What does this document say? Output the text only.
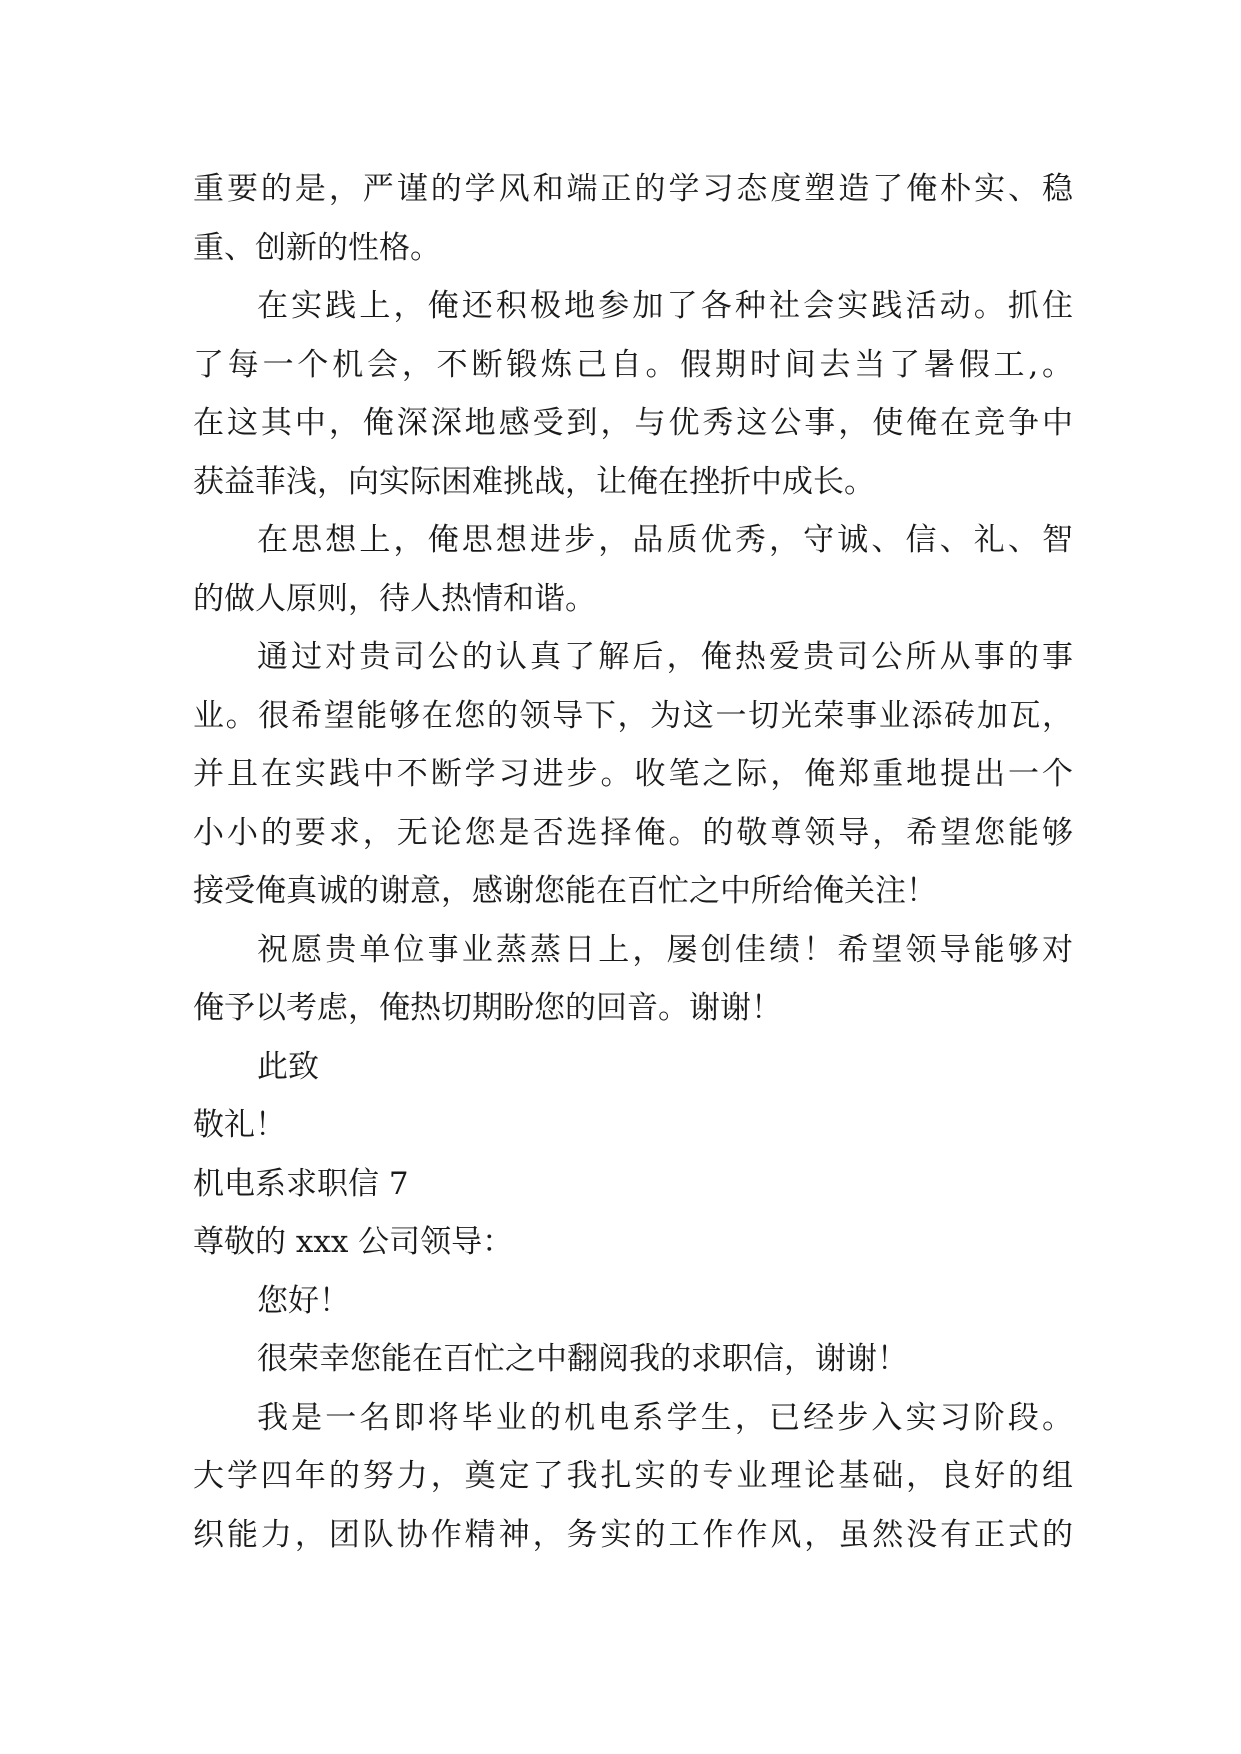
重要的是，严谨的学风和端正的学习态度塑造了俺朴实、稳
重、创新的性格。
在实践上，俺还积极地参加了各种社会实践活动。抓住
了每一个机会，不断锻炼己自。假期时间去当了暑假工,。
在这其中，俺深深地感受到，与优秀这公事，使俺在竞争中
获益菲浅，向实际困难挑战，让俺在挫折中成长。
在思想上，俺思想进步，品质优秀，守诚、信、礼、智
的做人原则，待人热情和谐。
通过对贵司公的认真了解后，俺热爱贵司公所从事的事
业。很希望能够在您的领导下，为这一切光荣事业添砖加瓦，
并且在实践中不断学习进步。收笔之际，俺郑重地提出一个
小小的要求，无论您是否选择俺。的敬尊领导，希望您能够
接受俺真诚的谢意，感谢您能在百忙之中所给俺关注！
祝愿贵单位事业蒸蒸日上，屡创佳绩！希望领导能够对
俺予以考虑，俺热切期盼您的回音。谢谢！
此致
敬礼！
机电系求职信 7
尊敬的 xxx 公司领导：
您好！
很荣幸您能在百忙之中翻阅我的求职信，谢谢！
我是一名即将毕业的机电系学生，已经步入实习阶段。
大学四年的努力，奠定了我扎实的专业理论基础，良好的组
织能力，团队协作精神，务实的工作作风，虽然没有正式的
